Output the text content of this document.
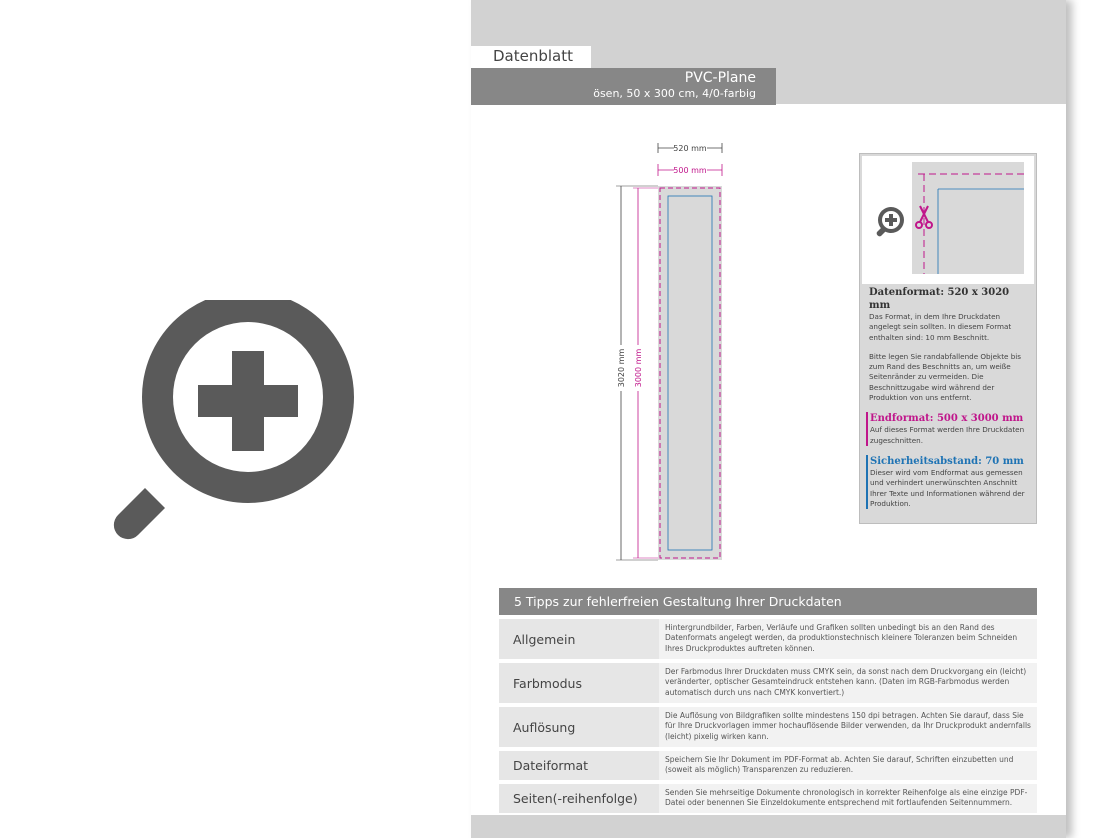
Datenblatt
PVC-Plane
ösen, 50 x 300 cm, 4/0-farbig
520 mm
500 mm
3020 mm 3000 mm
Datenformat: 520 x 3020 mm

Das Format, in dem Ihre Druckdaten angelegt sein sollten. In diesem Format enthalten sind: 10 mm Beschnitt.

Bitte legen Sie randabfallende Objekte bis zum Rand des Beschnitts an, um weiße Seitenränder zu vermeiden. Die Beschnittzugabe wird während der Produktion von uns entfernt.

Endformat: 500 x 3000 mm

Auf dieses Format werden Ihre Druckdaten zugeschnitten.

Sicherheitsabstand: 70 mm

Dieser wird vom Endformat aus gemessen und verhindert unerwünschten Anschnitt Ihrer Texte und Informationen während der Produktion.

5 Tipps zur fehlerfreien Gestaltung Ihrer Druckdaten
Allgemein
Hintergrundbilder, Farben, Verläufe und Grafiken sollten unbedingt bis an den Rand des Datenformats angelegt werden, da produktionstechnisch kleinere Toleranzen beim Schneiden Ihres Druckproduktes auftreten können.
Farbmodus
Der Farbmodus Ihrer Druckdaten muss CMYK sein, da sonst nach dem Druckvorgang ein (leicht) veränderter, optischer Gesamteindruck entstehen kann. (Daten im RGB-Farbmodus werden automatisch durch uns nach CMYK konvertiert.)
Auflösung
Die Auflösung von Bildgrafiken sollte mindestens 150 dpi betragen. Achten Sie darauf, dass Sie für Ihre Druckvorlagen immer hochauflösende Bilder verwenden, da Ihr Druckprodukt andernfalls (leicht) pixelig wirken kann.
Dateiformat	Speichern Sie Ihr Dokument im PDF-Format ab. Achten Sie darauf, Schriften einzubetten und (soweit als möglich) Transparenzen zu reduzieren.
Seiten(-reihenfolge)	Senden Sie mehrseitige Dokumente chronologisch in korrekter Reihenfolge als eine einzige PDF-Datei oder benennen Sie Einzeldokumente entsprechend mit fortlaufenden Seitennummern.
